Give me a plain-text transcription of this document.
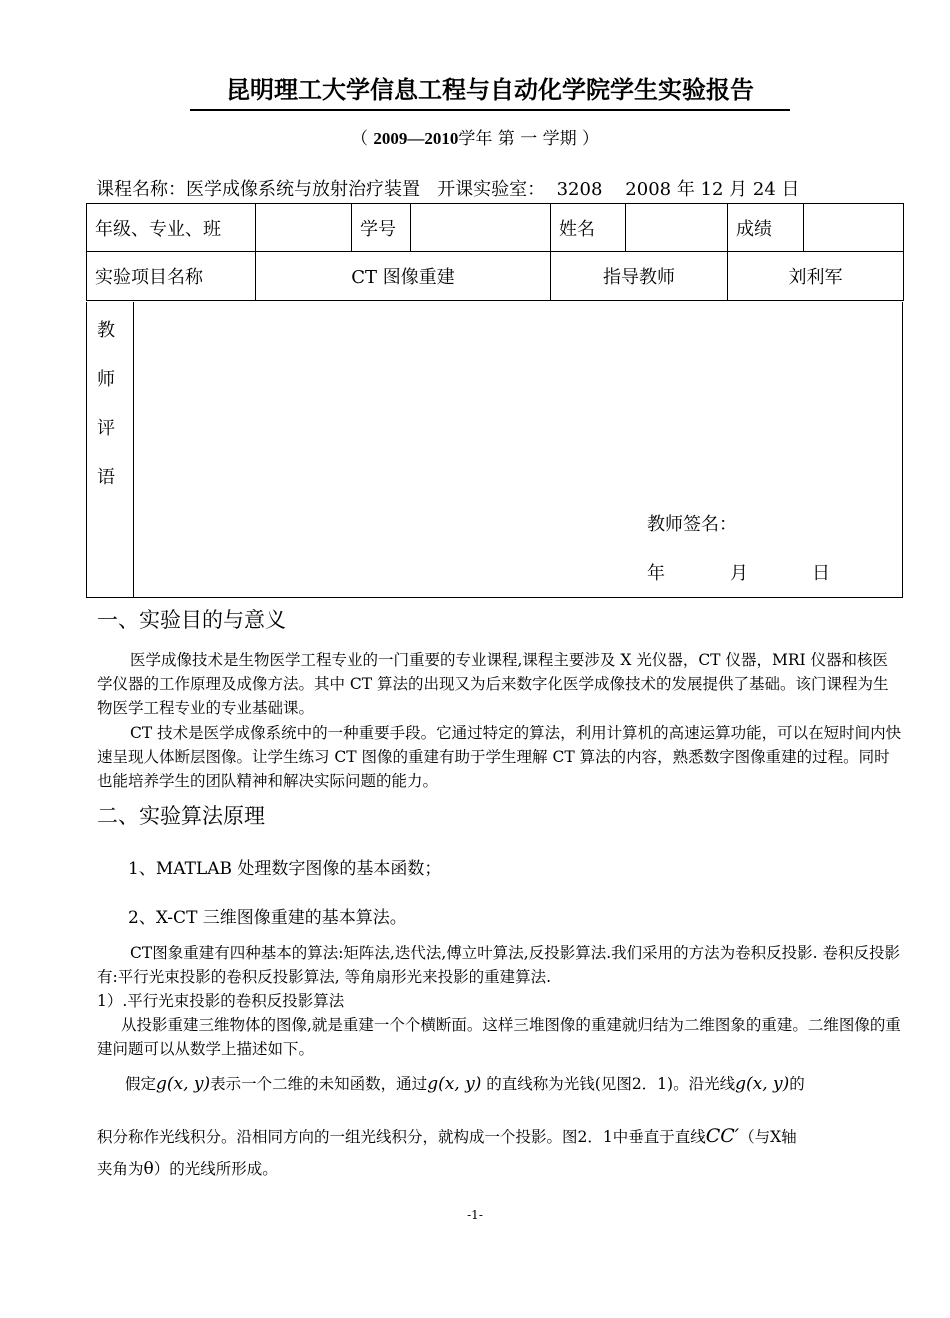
昆明理工大学信息工程与自动化学院学生实验报告
（ 2009—2010学年 第 一 学期 ）
课程名称：医学成像系统与放射治疗装置   开课实验室：  3208    2008 年 12 月 24 日
年级、专业、班		学号		姓名		成绩	
实验项目名称	CT 图像重建			指导教师		刘利军	
教
师
评
语
教师签名：
年	月	日
一、实验目的与意义

医学成像技术是生物医学工程专业的一门重要的专业课程,课程主要涉及 X 光仪器，CT 仪器，MRI 仪器和核医学仪器的工作原理及成像方法。其中 CT 算法的出现又为后来数字化医学成像技术的发展提供了基础。该门课程为生物医学工程专业的专业基础课。

CT 技术是医学成像系统中的一种重要手段。它通过特定的算法，利用计算机的高速运算功能，可以在短时间内快速呈现人体断层图像。让学生练习 CT 图像的重建有助于学生理解 CT 算法的内容，熟悉数字图像重建的过程。同时也能培养学生的团队精神和解决实际问题的能力。

二、实验算法原理

1、MATLAB 处理数字图像的基本函数；

2、X-CT 三维图像重建的基本算法。

CT图象重建有四种基本的算法:矩阵法,迭代法,傅立叶算法,反投影算法.我们采用的方法为卷积反投影. 卷积反投影有:平行光束投影的卷积反投影算法, 等角扇形光来投影的重建算法.

1）.平行光束投影的卷积反投影算法

从投影重建三维物体的图像,就是重建一个个横断面。这样三堆图像的重建就归结为二维图象的重建。二维图像的重建问题可以从数学上描述如下。

假定g(x, y)表示一个二维的未知函数，通过g(x, y) 的直线称为光钱(见图2．1)。沿光线g(x, y)的

积分称作光线积分。沿相同方向的一组光线积分，就构成一个投影。图2．1中垂直于直线CC′（与X轴

夹角为θ）的光线所形成。

-1-
